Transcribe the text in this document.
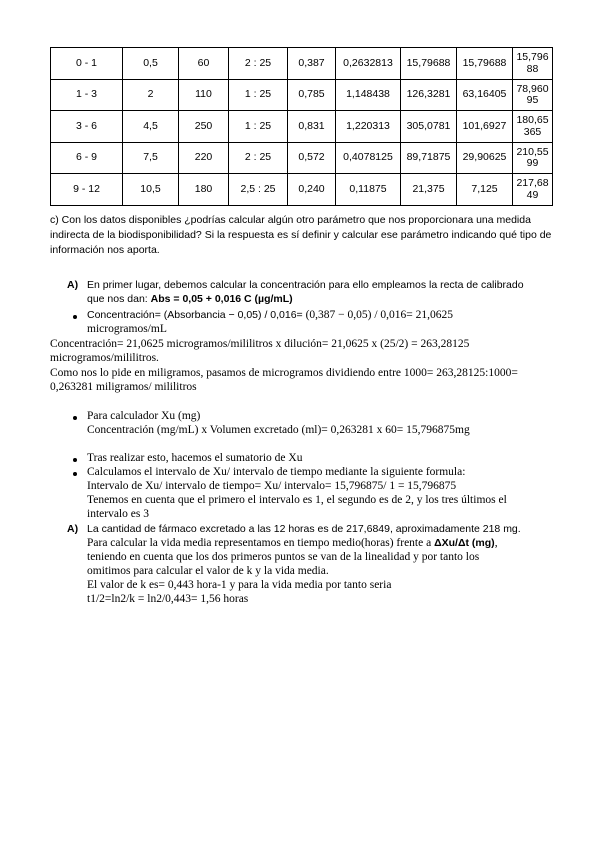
0 - 1	0,5	60	2 : 25	0,387	0,2632813	15,79688	15,79688	15,79688
1 - 3	2	110	1 : 25	0,785	1,148438	126,3281	63,16405	78,96095
3 - 6	4,5	250	1 : 25	0,831	1,220313	305,0781	101,6927	180,65365
6 - 9	7,5	220	2 : 25	0,572	0,4078125	89,71875	29,90625	210,5599
9 - 12	10,5	180	2,5 : 25	0,240	0,11875	21,375	7,125	217,6849
c) Con los datos disponibles ¿podrías calcular algún otro parámetro que nos proporcionara una medida indirecta de la biodisponibilidad? Si la respuesta es sí definir y calcular ese parámetro indicando qué tipo de información nos aporta.
A) En primer lugar, debemos calcular la concentración para ello empleamos la recta de calibrado
que nos dan: Abs = 0,05 + 0,016 C (µg/mL)
Concentración= (Absorbancia − 0,05) / 0,016= (0,387 − 0,05) / 0,016= 21,0625
microgramos/mL
Concentración= 21,0625 microgramos/mililitros x dilución= 21,0625 x (25/2) = 263,28125
microgramos/mililitros.
Como nos lo pide en miligramos, pasamos de microgramos dividiendo entre 1000= 263,28125:1000=
0,263281 miligramos/ mililitros
Para calculador Xu (mg)
Concentración (mg/mL) x Volumen excretado (ml)= 0,263281 x 60= 15,796875mg
Tras realizar esto, hacemos el sumatorio de Xu
Calculamos el intervalo de Xu/ intervalo de tiempo mediante la siguiente formula:
Intervalo de Xu/ intervalo de tiempo= Xu/ intervalo= 15,796875/ 1 = 15,796875
Tenemos en cuenta que el primero el intervalo es 1, el segundo es de 2, y los tres últimos el
intervalo es 3
A) La cantidad de fármaco excretado a las 12 horas es de 217,6849, aproximadamente 218 mg.
Para calcular la vida media representamos en tiempo medio(horas) frente a ΔXu/Δt (mg),
teniendo en cuenta que los dos primeros puntos se van de la linealidad y por tanto los
omitimos para calcular el valor de k y la vida media.
El valor de k es= 0,443 hora-1 y para la vida media por tanto seria
t1/2=ln2/k = ln2/0,443= 1,56 horas
